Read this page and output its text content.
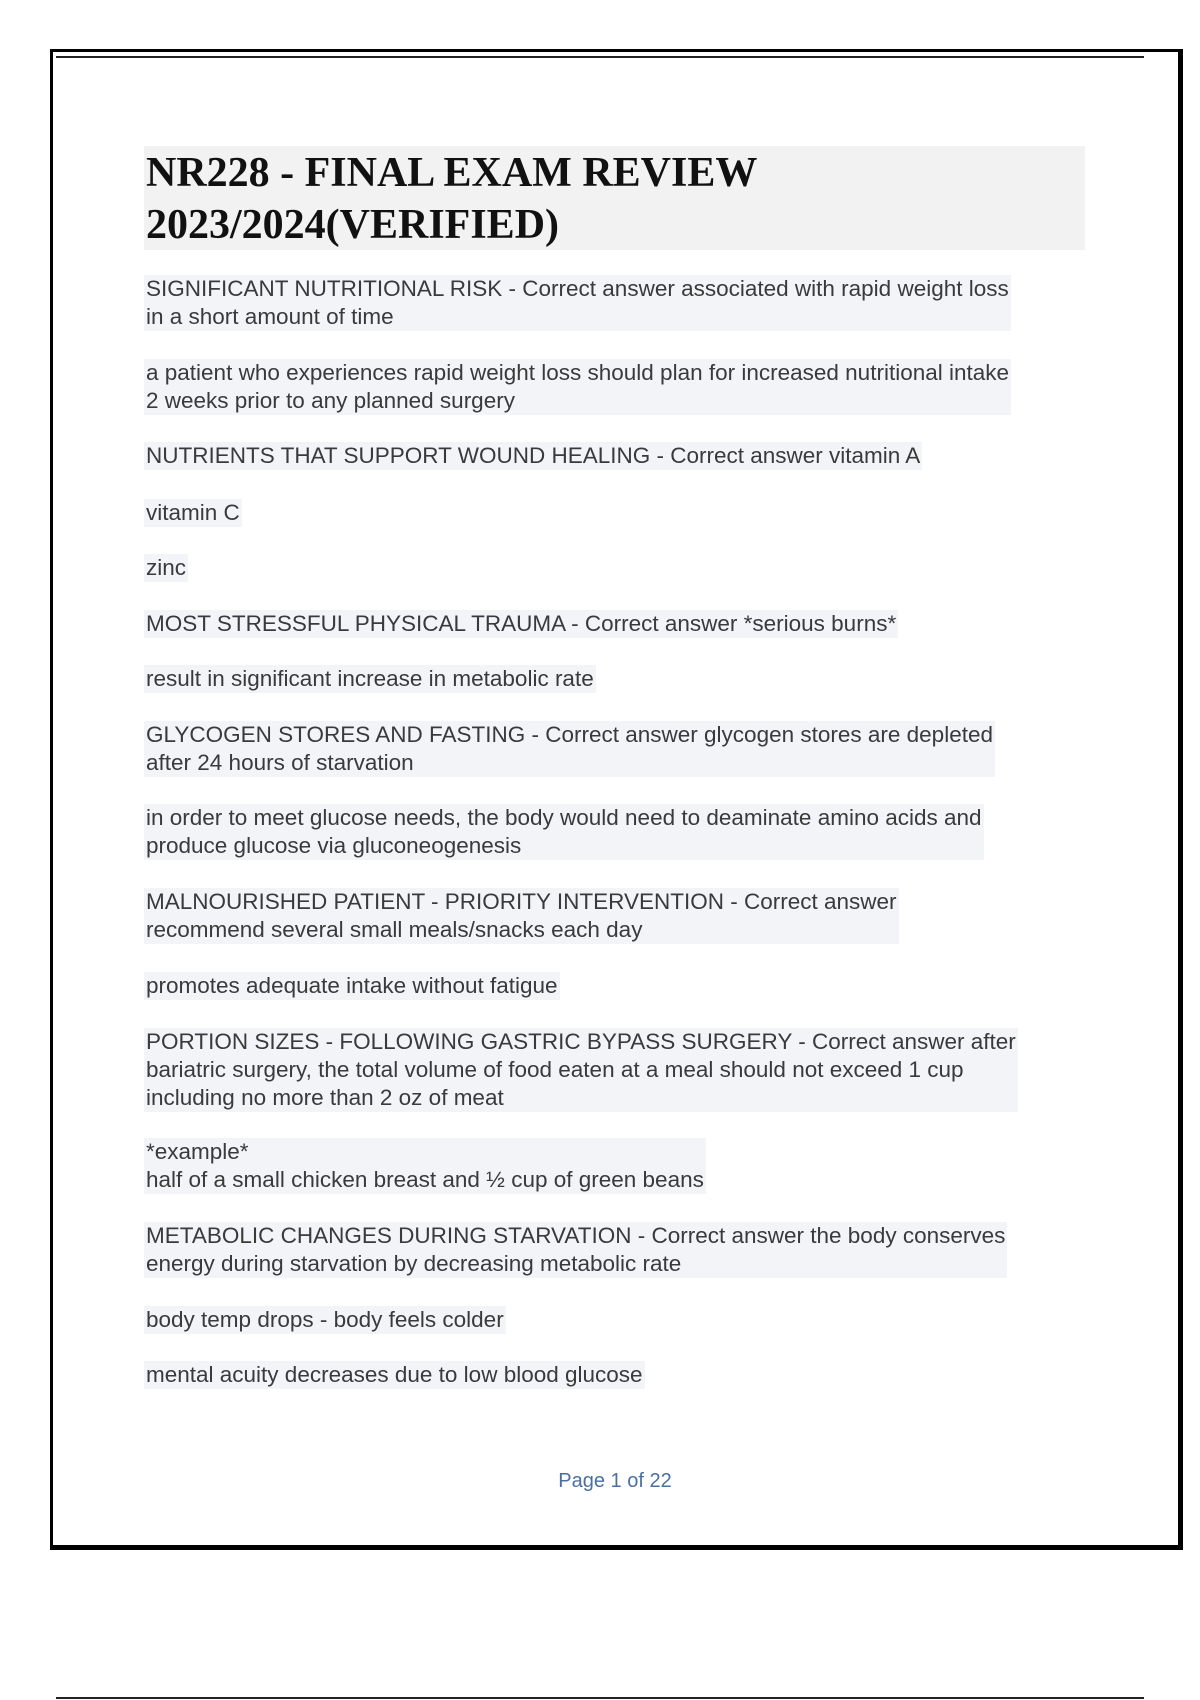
NR228 - FINAL EXAM REVIEW
2023/2024(VERIFIED)

SIGNIFICANT NUTRITIONAL RISK - Correct answer associated with rapid weight loss
in a short amount of time

a patient who experiences rapid weight loss should plan for increased nutritional intake
2 weeks prior to any planned surgery

NUTRIENTS THAT SUPPORT WOUND HEALING - Correct answer vitamin A

vitamin C

zinc

MOST STRESSFUL PHYSICAL TRAUMA - Correct answer *serious burns*

result in significant increase in metabolic rate

GLYCOGEN STORES AND FASTING - Correct answer glycogen stores are depleted
after 24 hours of starvation

in order to meet glucose needs, the body would need to deaminate amino acids and
produce glucose via gluconeogenesis

MALNOURISHED PATIENT - PRIORITY INTERVENTION - Correct answer
recommend several small meals/snacks each day

promotes adequate intake without fatigue

PORTION SIZES - FOLLOWING GASTRIC BYPASS SURGERY - Correct answer after
bariatric surgery, the total volume of food eaten at a meal should not exceed 1 cup
including no more than 2 oz of meat

*example*
half of a small chicken breast and ½ cup of green beans

METABOLIC CHANGES DURING STARVATION - Correct answer the body conserves
energy during starvation by decreasing metabolic rate

body temp drops - body feels colder

mental acuity decreases due to low blood glucose

Page 1 of 22
